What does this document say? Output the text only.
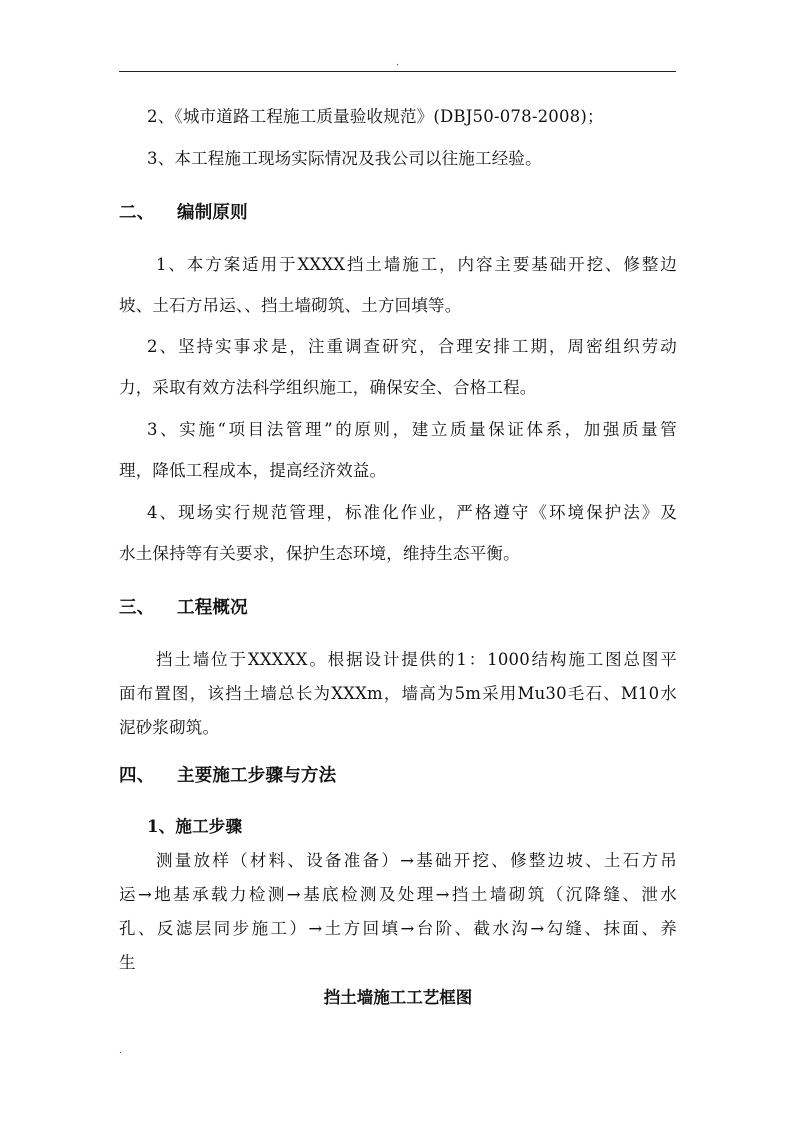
.
2、《城市道路工程施工质量验收规范》(DBJ50-078-2008)；
3、本工程施工现场实际情况及我公司以往施工经验。
二、 编制原则
1、本方案适用于XXXX挡土墙施工，内容主要基础开挖、修整边
坡、土石方吊运、、挡土墙砌筑、土方回填等。
2、坚持实事求是，注重调查研究，合理安排工期，周密组织劳动
力，采取有效方法科学组织施工，确保安全、合格工程。
3、实施“项目法管理”的原则，建立质量保证体系，加强质量管
理，降低工程成本，提高经济效益。
4、现场实行规范管理，标准化作业，严格遵守《环境保护法》及
水土保持等有关要求，保护生态环境，维持生态平衡。
三、 工程概况
挡土墙位于XXXXX。根据设计提供的1：1000结构施工图总图平
面布置图，该挡土墙总长为XXXm，墙高为5m采用Mu30毛石、M10水
泥砂浆砌筑。
四、 主要施工步骤与方法
1、施工步骤
测量放样（材料、设备准备）→基础开挖、修整边坡、土石方吊
运→地基承载力检测→基底检测及处理→挡土墙砌筑（沉降缝、泄水
孔、反滤层同步施工）→土方回填→台阶、截水沟→勾缝、抹面、养
生
挡土墙施工工艺框图
.
